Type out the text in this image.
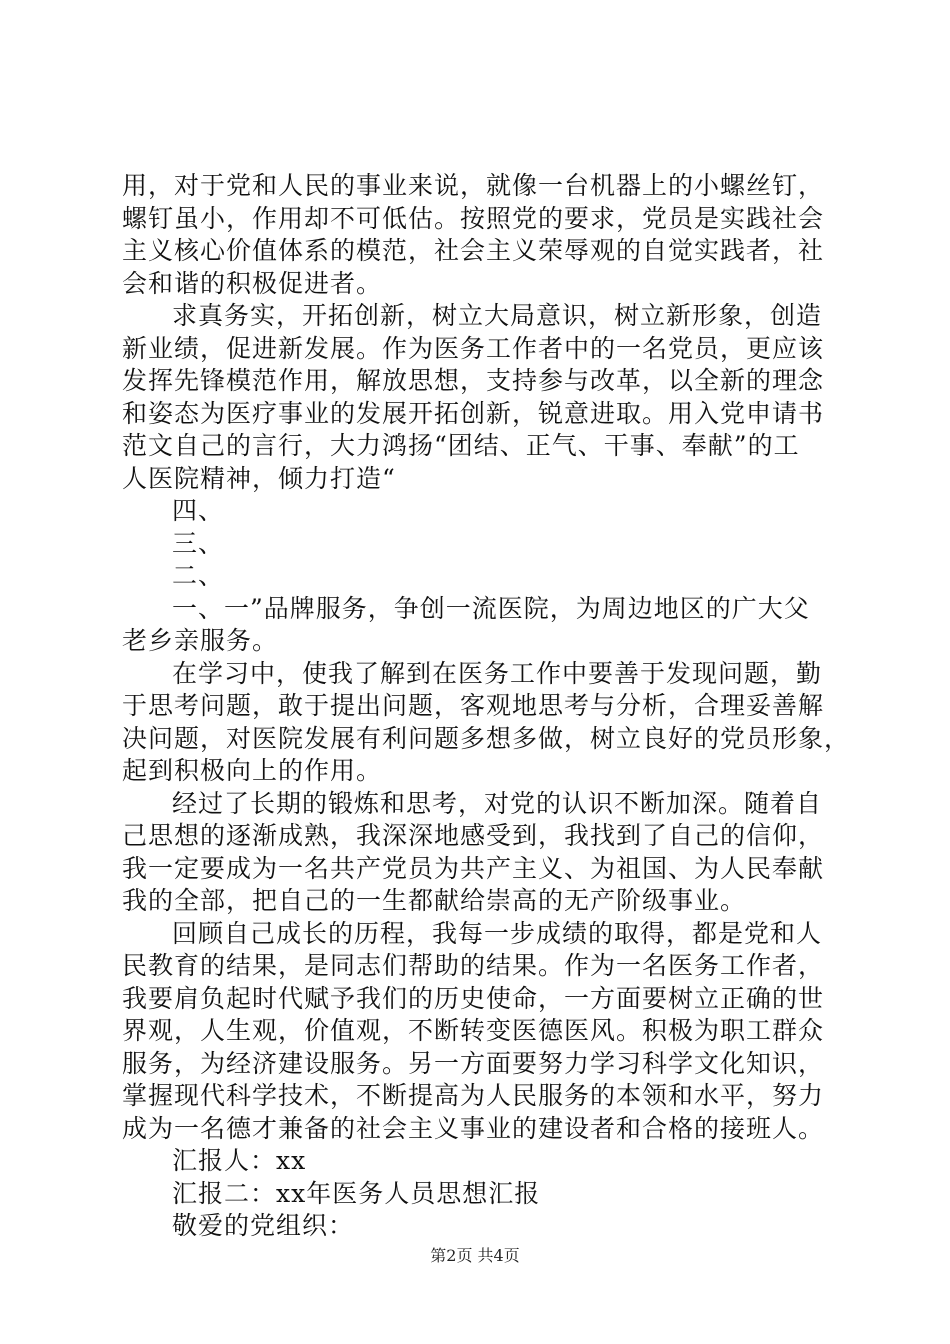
用，对于党和人民的事业来说，就像一台机器上的小螺丝钉，
螺钉虽小，作用却不可低估。按照党的要求，党员是实践社会
主义核心价值体系的模范，社会主义荣辱观的自觉实践者，社
会和谐的积极促进者。
求真务实，开拓创新，树立大局意识，树立新形象，创造
新业绩，促进新发展。作为医务工作者中的一名党员，更应该
发挥先锋模范作用，解放思想，支持参与改革，以全新的理念
和姿态为医疗事业的发展开拓创新，锐意进取。用入党申请书
范文自己的言行，大力鸿扬“团结、正气、干事、奉献”的工
人医院精神，倾力打造“
四、
三、
二、
一、一”品牌服务，争创一流医院，为周边地区的广大父
老乡亲服务。
在学习中，使我了解到在医务工作中要善于发现问题，勤
于思考问题，敢于提出问题，客观地思考与分析，合理妥善解
决问题，对医院发展有利问题多想多做，树立良好的党员形象，
起到积极向上的作用。
经过了长期的锻炼和思考，对党的认识不断加深。随着自
己思想的逐渐成熟，我深深地感受到，我找到了自己的信仰，
我一定要成为一名共产党员为共产主义、为祖国、为人民奉献
我的全部，把自己的一生都献给崇高的无产阶级事业。
回顾自己成长的历程，我每一步成绩的取得，都是党和人
民教育的结果，是同志们帮助的结果。作为一名医务工作者，
我要肩负起时代赋予我们的历史使命，一方面要树立正确的世
界观，人生观，价值观，不断转变医德医风。积极为职工群众
服务，为经济建设服务。另一方面要努力学习科学文化知识，
掌握现代科学技术，不断提高为人民服务的本领和水平，努力
成为一名德才兼备的社会主义事业的建设者和合格的接班人。
汇报人：xx
汇报二：xx年医务人员思想汇报
敬爱的党组织：
第2页 共4页
